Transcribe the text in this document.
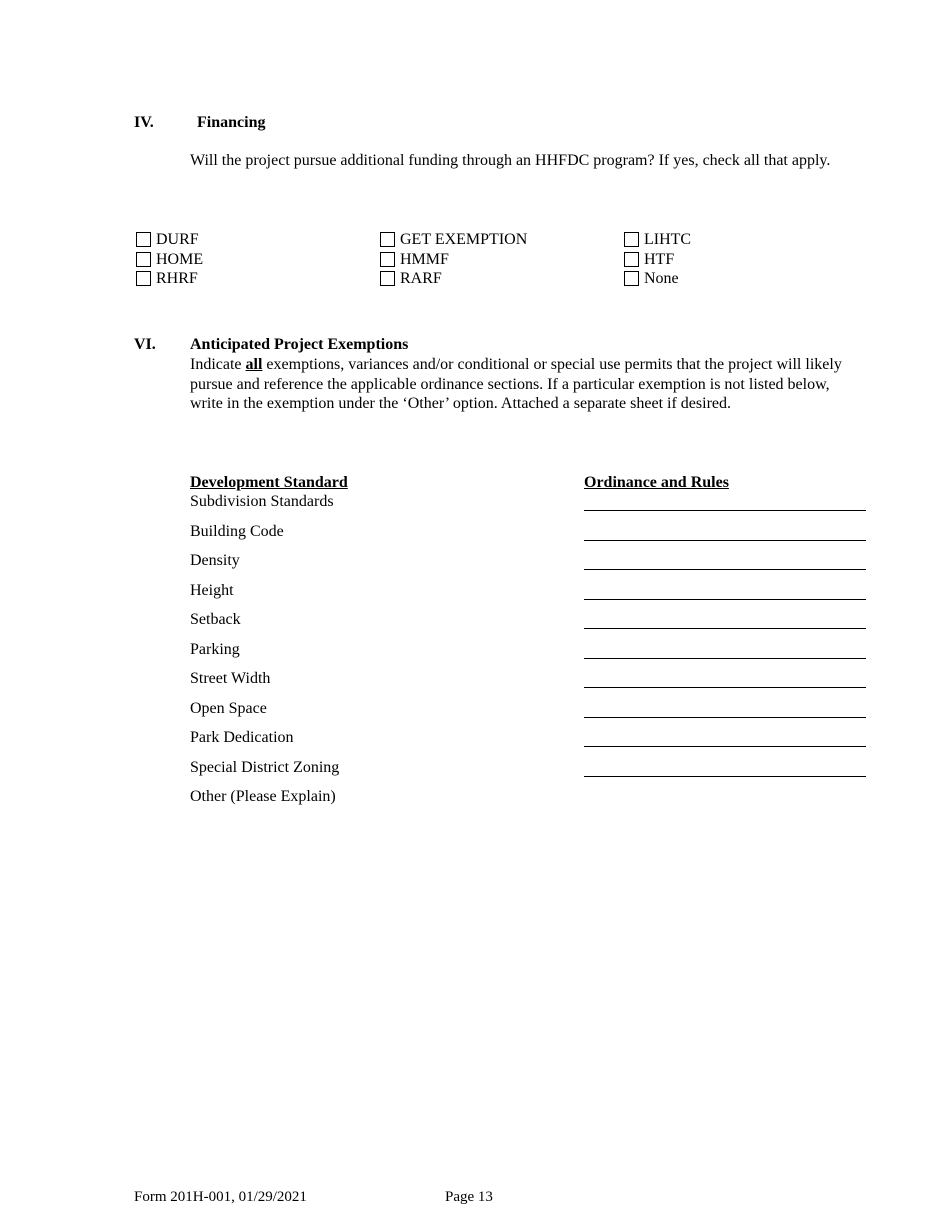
IV.	Financing
Will the project pursue additional funding through an HHFDC program? If yes, check all that apply.
DURF
HOME
RHRF
GET EXEMPTION
HMMF
RARF
LIHTC
HTF
None
VI. Anticipated Project Exemptions
Indicate all exemptions, variances and/or conditional or special use permits that the project will likely pursue and reference the applicable ordinance sections. If a particular exemption is not listed below, write in the exemption under the ‘Other’ option. Attached a separate sheet if desired.
Development Standard	Ordinance and Rules
Subdivision Standards
Building Code
Density
Height
Setback
Parking
Street Width
Open Space
Park Dedication
Special District Zoning
Other (Please Explain)
Form 201H-001, 01/29/2021	Page 13
